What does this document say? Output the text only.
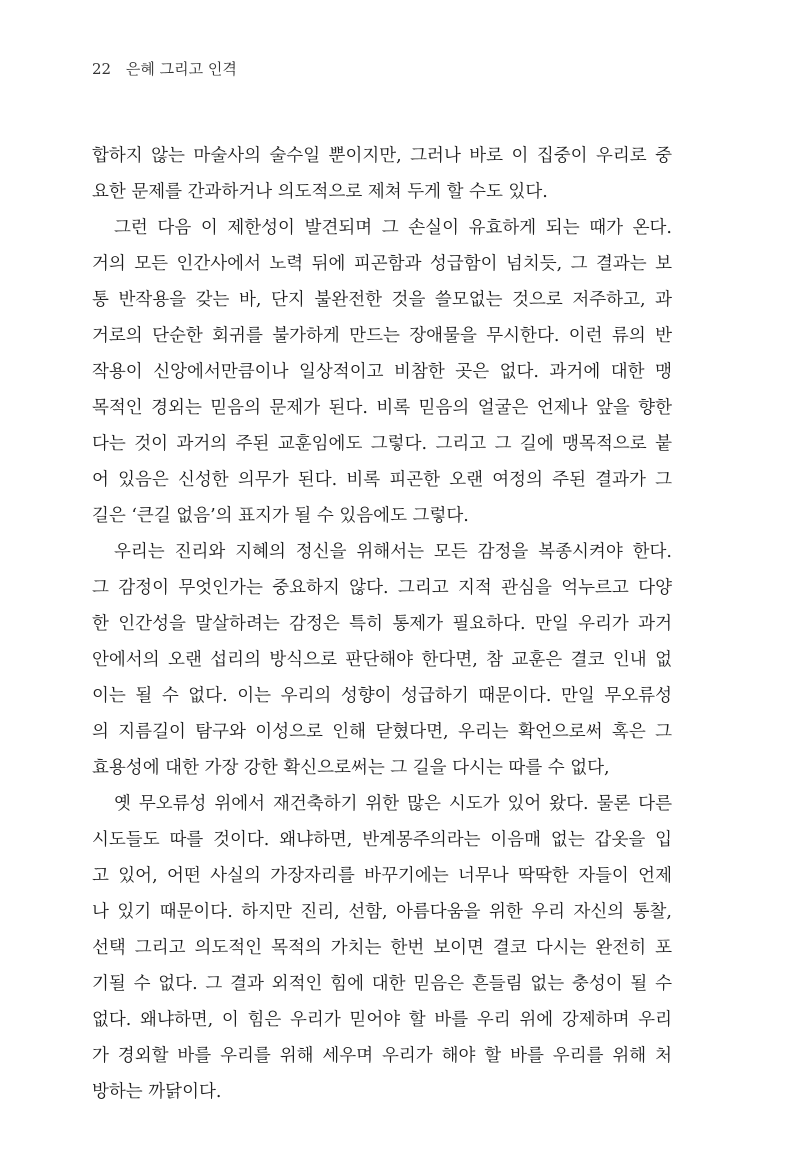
22 은혜 그리고 인격
합하지 않는 마술사의 술수일 뿐이지만, 그러나 바로 이 집중이 우리로 중
요한 문제를 간과하거나 의도적으로 제쳐 두게 할 수도 있다.
그런 다음 이 제한성이 발견되며 그 손실이 유효하게 되는 때가 온다.
거의 모든 인간사에서 노력 뒤에 피곤함과 성급함이 넘치듯, 그 결과는 보
통 반작용을 갖는 바, 단지 불완전한 것을 쓸모없는 것으로 저주하고, 과
거로의 단순한 회귀를 불가하게 만드는 장애물을 무시한다. 이런 류의 반
작용이 신앙에서만큼이나 일상적이고 비참한 곳은 없다. 과거에 대한 맹
목적인 경외는 믿음의 문제가 된다. 비록 믿음의 얼굴은 언제나 앞을 향한
다는 것이 과거의 주된 교훈임에도 그렇다. 그리고 그 길에 맹목적으로 붙
어 있음은 신성한 의무가 된다. 비록 피곤한 오랜 여정의 주된 결과가 그
길은 ‘큰길 없음’의 표지가 될 수 있음에도 그렇다.
우리는 진리와 지혜의 정신을 위해서는 모든 감정을 복종시켜야 한다.
그 감정이 무엇인가는 중요하지 않다. 그리고 지적 관심을 억누르고 다양
한 인간성을 말살하려는 감정은 특히 통제가 필요하다. 만일 우리가 과거
안에서의 오랜 섭리의 방식으로 판단해야 한다면, 참 교훈은 결코 인내 없
이는 될 수 없다. 이는 우리의 성향이 성급하기 때문이다. 만일 무오류성
의 지름길이 탐구와 이성으로 인해 닫혔다면, 우리는 확언으로써 혹은 그
효용성에 대한 가장 강한 확신으로써는 그 길을 다시는 따를 수 없다,
옛 무오류성 위에서 재건축하기 위한 많은 시도가 있어 왔다. 물론 다른
시도들도 따를 것이다. 왜냐하면, 반계몽주의라는 이음매 없는 갑옷을 입
고 있어, 어떤 사실의 가장자리를 바꾸기에는 너무나 딱딱한 자들이 언제
나 있기 때문이다. 하지만 진리, 선함, 아름다움을 위한 우리 자신의 통찰,
선택 그리고 의도적인 목적의 가치는 한번 보이면 결코 다시는 완전히 포
기될 수 없다. 그 결과 외적인 힘에 대한 믿음은 흔들림 없는 충성이 될 수
없다. 왜냐하면, 이 힘은 우리가 믿어야 할 바를 우리 위에 강제하며 우리
가 경외할 바를 우리를 위해 세우며 우리가 해야 할 바를 우리를 위해 처
방하는 까닭이다.
